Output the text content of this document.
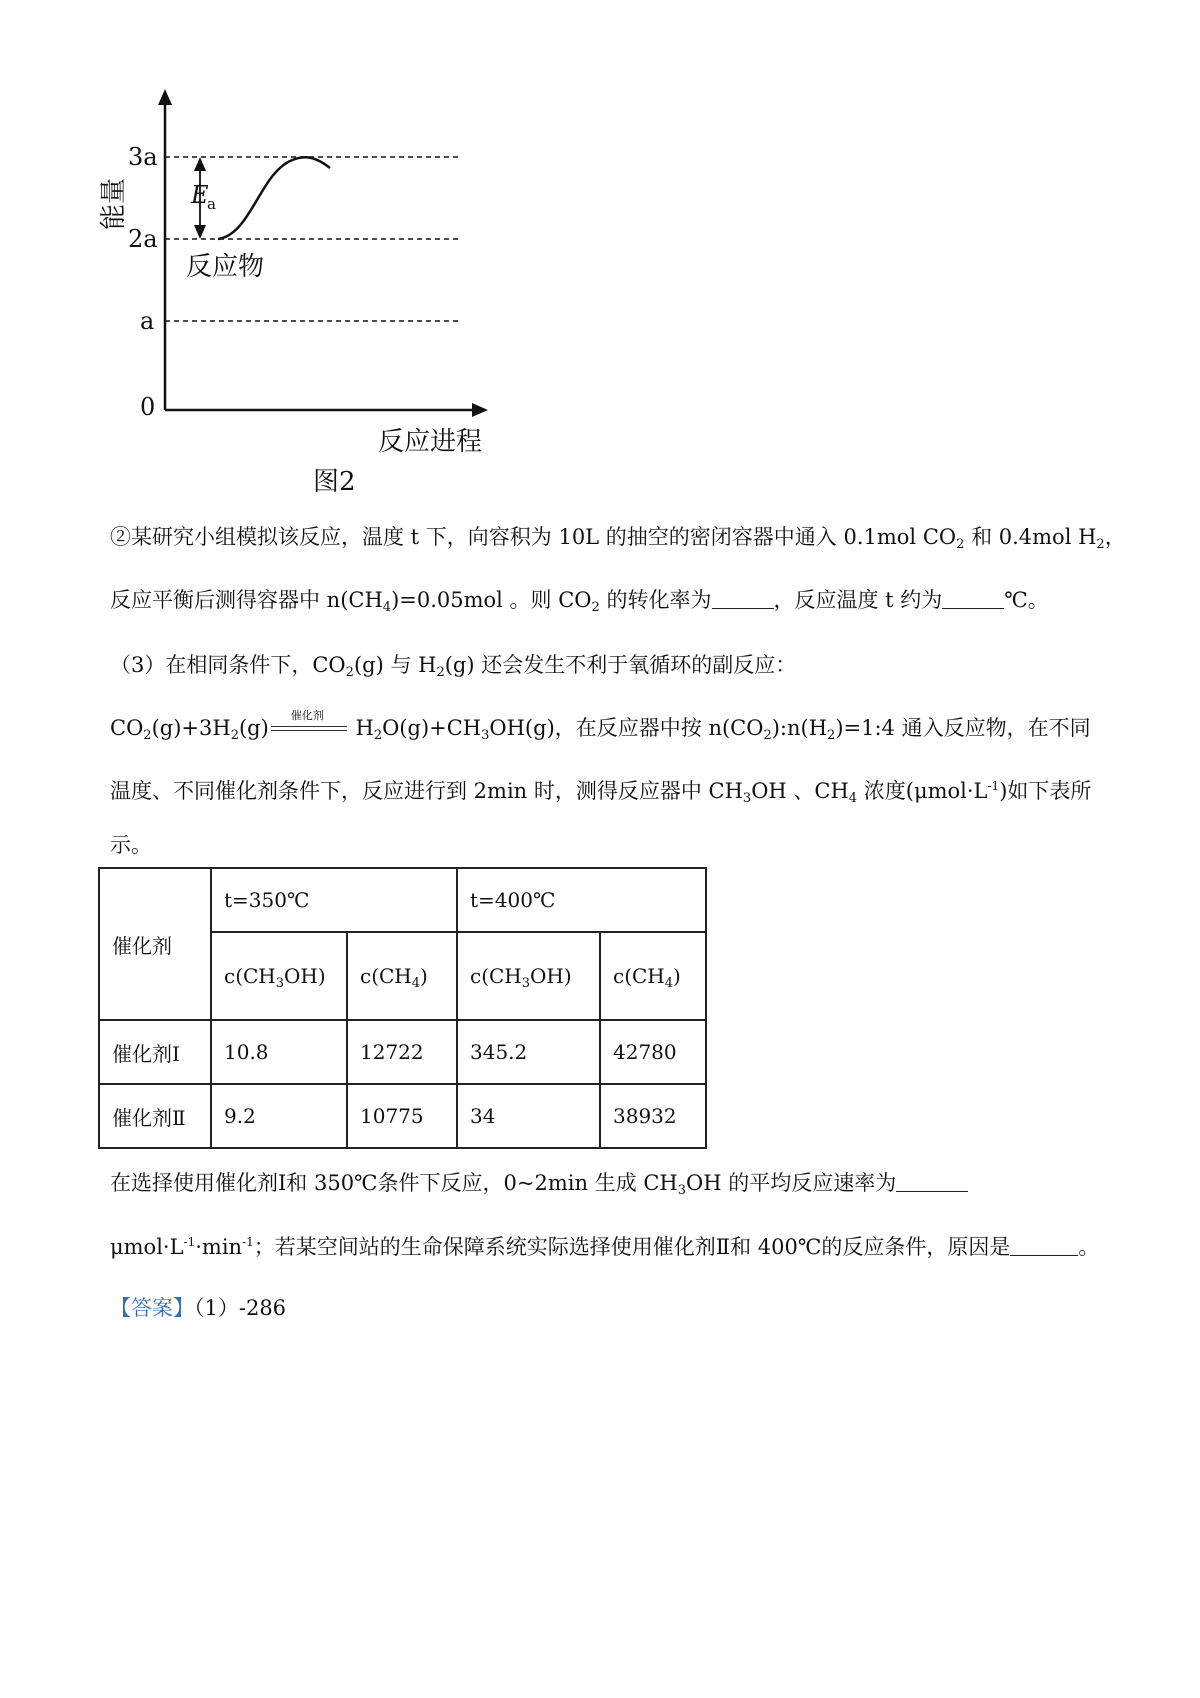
3a
2a
a
0
能量	E
a
反应物
反应进程
图2
②某研究小组模拟该反应，温度 t 下，向容积为 10L 的抽空的密闭容器中通入 0.1mol $CO_2$ 和 0.4mol $H_2$，
反应平衡后测得容器中 $n(CH_4)=0.05mol$ 。则 $CO_2$ 的转化率为	，反应温度 t 约为	℃。
（3）在相同条件下，$CO_2(g)$ 与 $H_2(g)$ 还会发生不利于氧循环的副反应：
$CO_2(g)+3H_2(g)$
催化剂
$H_2O(g)+CH_3OH(g)$，在反应器中按 $n(CO_2):n(H_2)=1:4$ 通入反应物，在不同
温度、不同催化剂条件下，反应进行到 2min 时，测得反应器中 $CH_3OH$ 、$CH_4$ 浓度$(\mu mol\cdot L^{-1})$如下表所
示。
催化剂	t=350℃		t=400℃	
	$c(CH_3OH)$	$c(CH_4)$	$c(CH_3OH)$	$c(CH_4)$
催化剂Ⅰ	10.8	12722	345.2	42780
催化剂Ⅱ	9.2	10775	34	38932
在选择使用催化剂Ⅰ和 350℃条件下反应，0~2min 生成 $CH_3OH$ 的平均反应速率为
$\mu mol\cdot L^{-1}\cdot\min^{-1}$；若某空间站的生命保障系统实际选择使用催化剂Ⅱ和 400℃的反应条件，原因是	。
【答案】（1）-286
